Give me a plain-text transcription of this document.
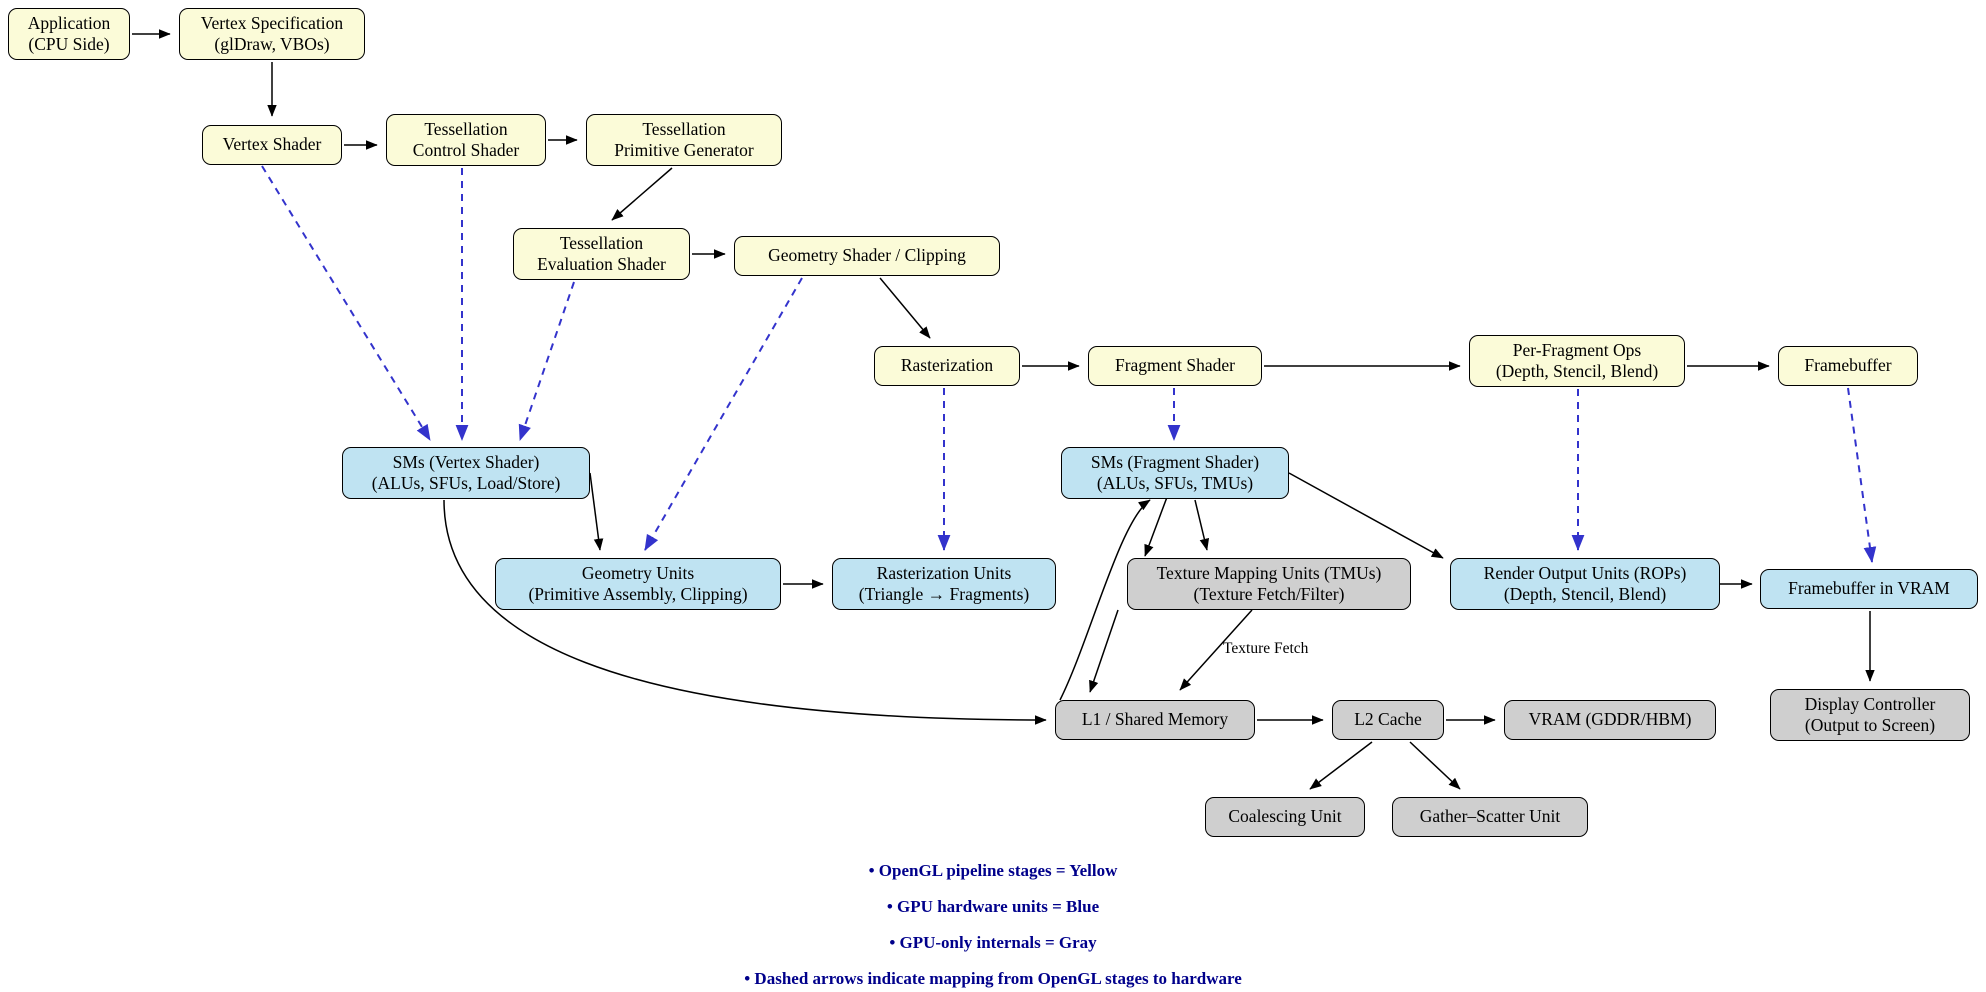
Application
(CPU Side)
Vertex Specification
(glDraw, VBOs)
Vertex Shader
Tessellation
Control Shader
Tessellation
Primitive Generator
Tessellation
Evaluation Shader	Geometry Shader / Clipping
Rasterization	Fragment Shader
Per-Fragment Ops
(Depth, Stencil, Blend)	Framebuffer
SMs (Vertex Shader)
(ALUs, SFUs, Load/Store)
Geometry Units
(Primitive Assembly, Clipping)
Rasterization Units
(Triangle → Fragments)
SMs (Fragment Shader)
(ALUs, SFUs, TMUs)
Texture Mapping Units (TMUs)
(Texture Fetch/Filter)
Render Output Units (ROPs)
(Depth, Stencil, Blend)	Framebuffer in VRAM
L1 / Shared Memory	L2 Cache	VRAM (GDDR/HBM)
Display Controller
(Output to Screen)
Coalescing Unit	Gather–Scatter Unit
Texture Fetch
• OpenGL pipeline stages = Yellow
• GPU hardware units = Blue
• GPU-only internals = Gray
• Dashed arrows indicate mapping from OpenGL stages to hardware
